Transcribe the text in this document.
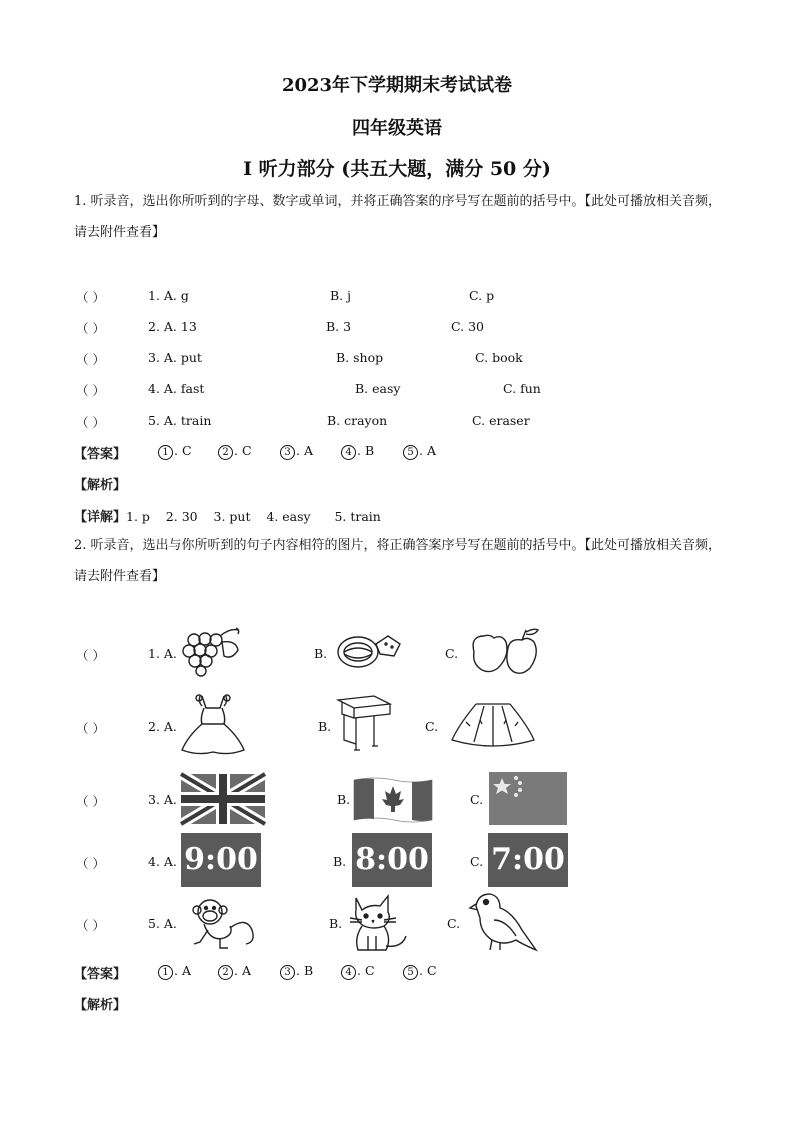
2023年下学期期末考试试卷
四年级英语
Ⅰ 听力部分 (共五大题，满分 50 分)
1. 听录音，选出你所听到的字母、数字或单词，并将正确答案的序号写在题前的括号中。【此处可播放相关音频，请去附件查看】
（ ）	1. A. g	B. j	C. p
（ ）	2. A. 13	B. 3	C. 30
（ ）	3. A. put	B. shop	C. book
（ ）	4. A. fast	B. easy	C. fun
（ ）	5. A. train	B. crayon	C. eraser
【答案】	1 . C	2 . C	3 . A	4 . B	5 . A
【解析】
【详解】1. p    2. 30    3. put    4. easy      5. train
2. 听录音，选出与你所听到的句子内容相符的图片，将正确答案序号写在题前的括号中。【此处可播放相关音频，请去附件查看】
（ ）	1. A.	B.	C.
（ ）	2. A.	B.	C.
（ ）	3. A.	B.	C.
（ ）	4. A. 9:00	B. 8:00	C. 7:00
（ ）	5. A.	B.	C.
【答案】	1 . A	2 . A	3 . B	4 . C	5 . C
【解析】
